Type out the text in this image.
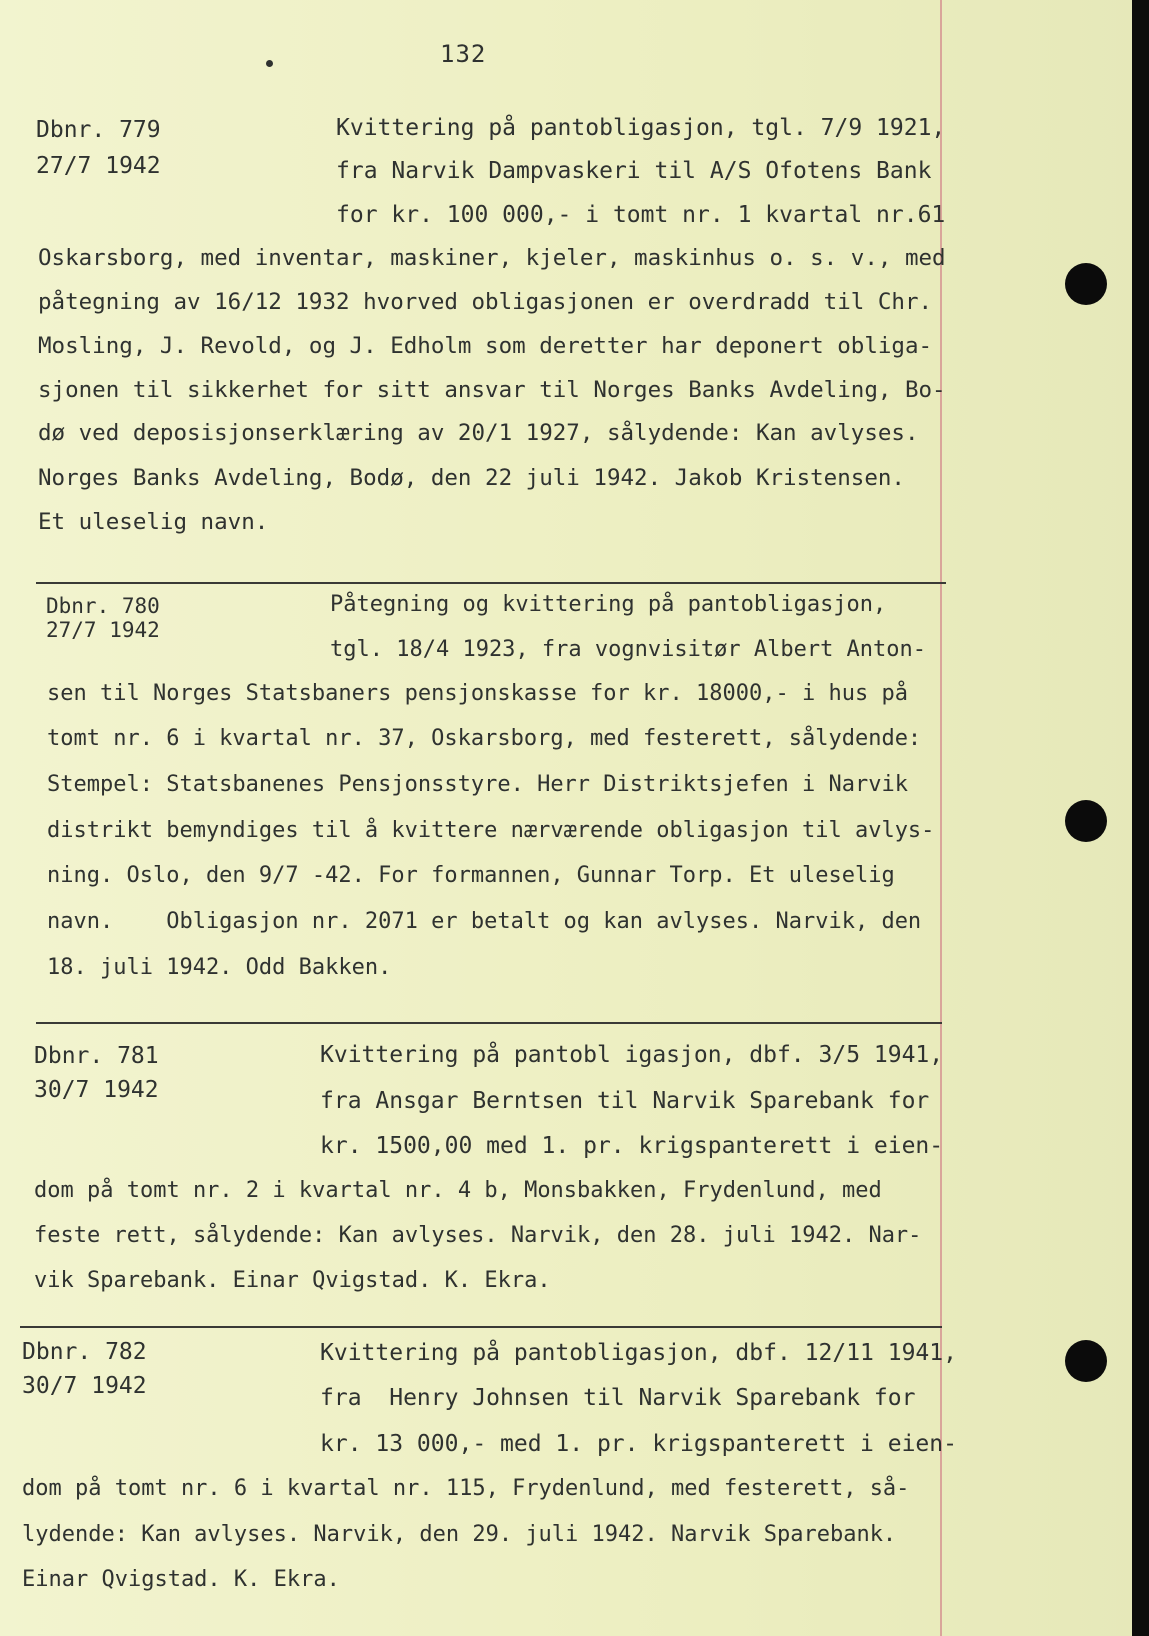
132
Dbnr. 779
27/7 1942
Kvittering på pantobligasjon, tgl. 7/9 1921,
fra Narvik Dampvaskeri til A/S Ofotens Bank
for kr. 100 000,- i tomt nr. 1 kvartal nr.61
Oskarsborg, med inventar, maskiner, kjeler, maskinhus o. s. v., med
påtegning av 16/12 1932 hvorved obligasjonen er overdradd til Chr.
Mosling, J. Revold, og J. Edholm som deretter har deponert obliga-
sjonen til sikkerhet for sitt ansvar til Norges Banks Avdeling, Bo-
dø ved deposisjonserklæring av 20/1 1927, sålydende: Kan avlyses.
Norges Banks Avdeling, Bodø, den 22 juli 1942. Jakob Kristensen.
Et uleselig navn.
Dbnr. 780
27/7 1942
Påtegning og kvittering på pantobligasjon,
tgl. 18/4 1923, fra vognvisitør Albert Anton-
sen til Norges Statsbaners pensjonskasse for kr. 18000,- i hus på
tomt nr. 6 i kvartal nr. 37, Oskarsborg, med festerett, sålydende:
Stempel: Statsbanenes Pensjonsstyre. Herr Distriktsjefen i Narvik
distrikt bemyndiges til å kvittere nærværende obligasjon til avlys-
ning. Oslo, den 9/7 -42. For formannen, Gunnar Torp. Et uleselig
navn.    Obligasjon nr. 2071 er betalt og kan avlyses. Narvik, den
18. juli 1942. Odd Bakken.
Dbnr. 781
30/7 1942
Kvittering på pantobl igasjon, dbf. 3/5 1941,
fra Ansgar Berntsen til Narvik Sparebank for
kr. 1500,00 med 1. pr. krigspanterett i eien-
dom på tomt nr. 2 i kvartal nr. 4 b, Monsbakken, Frydenlund, med
feste rett, sålydende: Kan avlyses. Narvik, den 28. juli 1942. Nar-
vik Sparebank. Einar Qvigstad. K. Ekra.
Dbnr. 782
30/7 1942
Kvittering på pantobligasjon, dbf. 12/11 1941,
fra  Henry Johnsen til Narvik Sparebank for
kr. 13 000,- med 1. pr. krigspanterett i eien-
dom på tomt nr. 6 i kvartal nr. 115, Frydenlund, med festerett, så-
lydende: Kan avlyses. Narvik, den 29. juli 1942. Narvik Sparebank.
Einar Qvigstad. K. Ekra.
